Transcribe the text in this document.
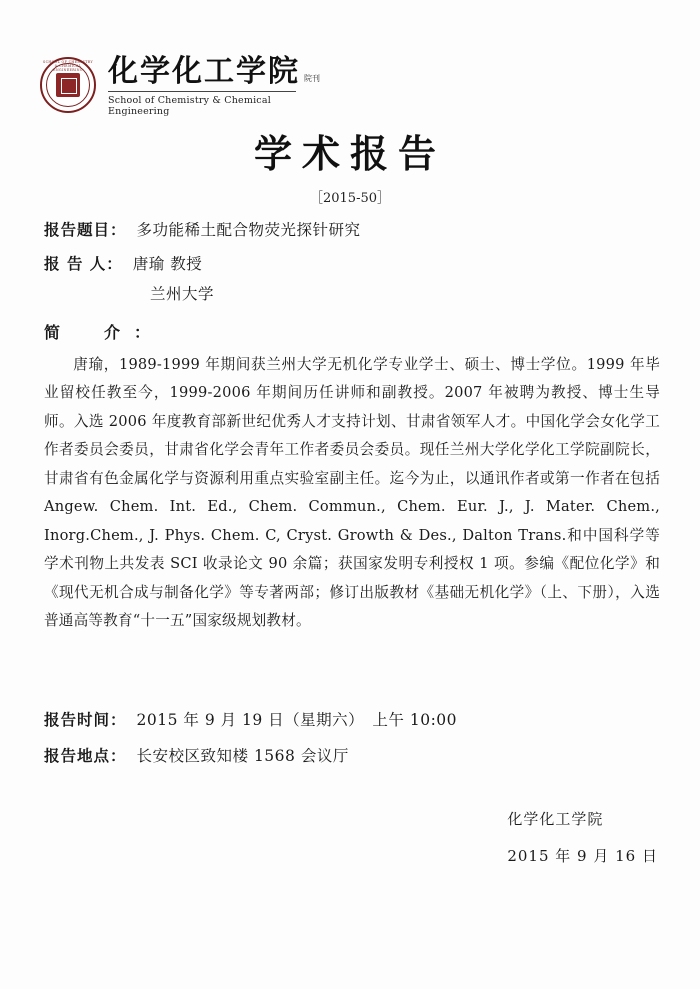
SCHOOL OF CHEMISTRY & CHEMICAL ENGINEERING 化学化工学院 院刊
School of Chemistry & Chemical Engineering
学术报告
［2015-50］
报告题目： 多功能稀土配合物荧光探针研究
报 告 人： 唐瑜 教授
兰州大学
简　介：

唐瑜，1989-1999 年期间获兰州大学无机化学专业学士、硕士、博士学位。1999 年毕业留校任教至今，1999-2006 年期间历任讲师和副教授。2007 年被聘为教授、博士生导师。入选 2006 年度教育部新世纪优秀人才支持计划、甘肃省领军人才。中国化学会女化学工作者委员会委员，甘肃省化学会青年工作者委员会委员。现任兰州大学化学化工学院副院长，甘肃省有色金属化学与资源利用重点实验室副主任。迄今为止，以通讯作者或第一作者在包括 Angew. Chem. Int. Ed., Chem. Commun., Chem. Eur. J., J. Mater. Chem., Inorg.Chem., J. Phys. Chem. C, Cryst. Growth & Des., Dalton Trans.和中国科学等学术刊物上共发表 SCI 收录论文 90 余篇；获国家发明专利授权 1 项。参编《配位化学》和《现代无机合成与制备化学》等专著两部；修订出版教材《基础无机化学》（上、下册），入选普通高等教育“十一五”国家级规划教材。

报告时间： 2015 年 9 月 19 日（星期六）　上午 10:00
报告地点： 长安校区致知楼 1568 会议厅
化学化工学院
2015 年 9 月 16 日
